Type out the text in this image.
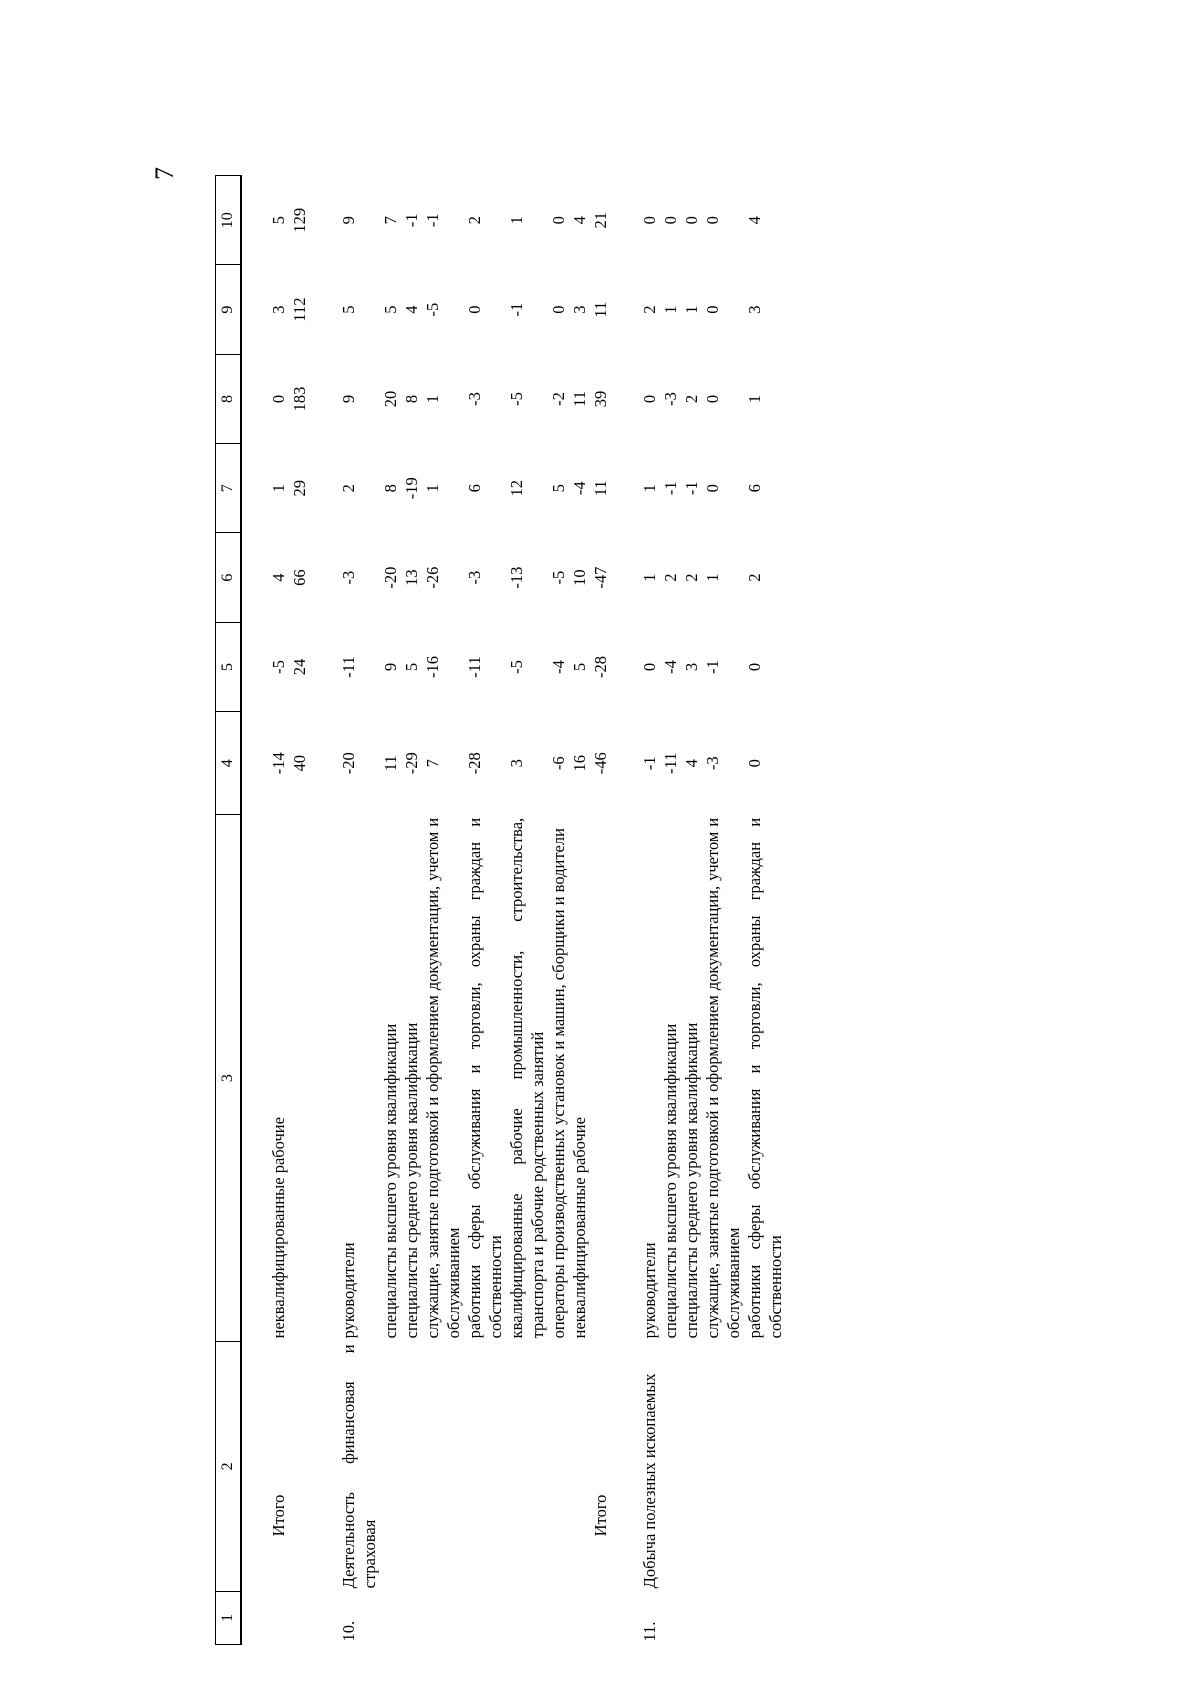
7
1	2	3	4	5	6	7	8	9	10

	Итого	неквалифицированные рабочие	-14	-5	4	1	0	3	5
			40	24	66	29	183	112	129

10.	Деятельность финансовая и страховая	руководители	-20	-11	-3	2	9	5	9
		специалисты высшего уровня квалификации	11	9	-20	8	20	5	7
		специалисты среднего уровня квалификации	-29	5	13	-19	8	4	-1
		служащие, занятые подготовкой и оформлением документации, учетом и обслуживанием	7	-16	-26	1	1	-5	-1
		работники сферы обслуживания и торговли, охраны граждан и собственности	-28	-11	-3	6	-3	0	2
		квалифицированные рабочие промышленности, строительства, транспорта и рабочие родственных занятий	3	-5	-13	12	-5	-1	1
		операторы производственных установок и машин, сборщики и водители	-6	-4	-5	5	-2	0	0
		неквалифицированные рабочие	16	5	10	-4	11	3	4
	Итого		-46	-28	-47	11	39	11	21

11.	Добыча полезных ископаемых	руководители	-1	0	1	1	0	2	0
		специалисты высшего уровня квалификации	-11	-4	2	-1	-3	1	0
		специалисты среднего уровня квалификации	4	3	2	-1	2	1	0
		служащие, занятые подготовкой и оформлением документации, учетом и обслуживанием	-3	-1	1	0	0	0	0
		работники сферы обслуживания и торговли, охраны граждан и собственности	0	0	2	6	1	3	4
